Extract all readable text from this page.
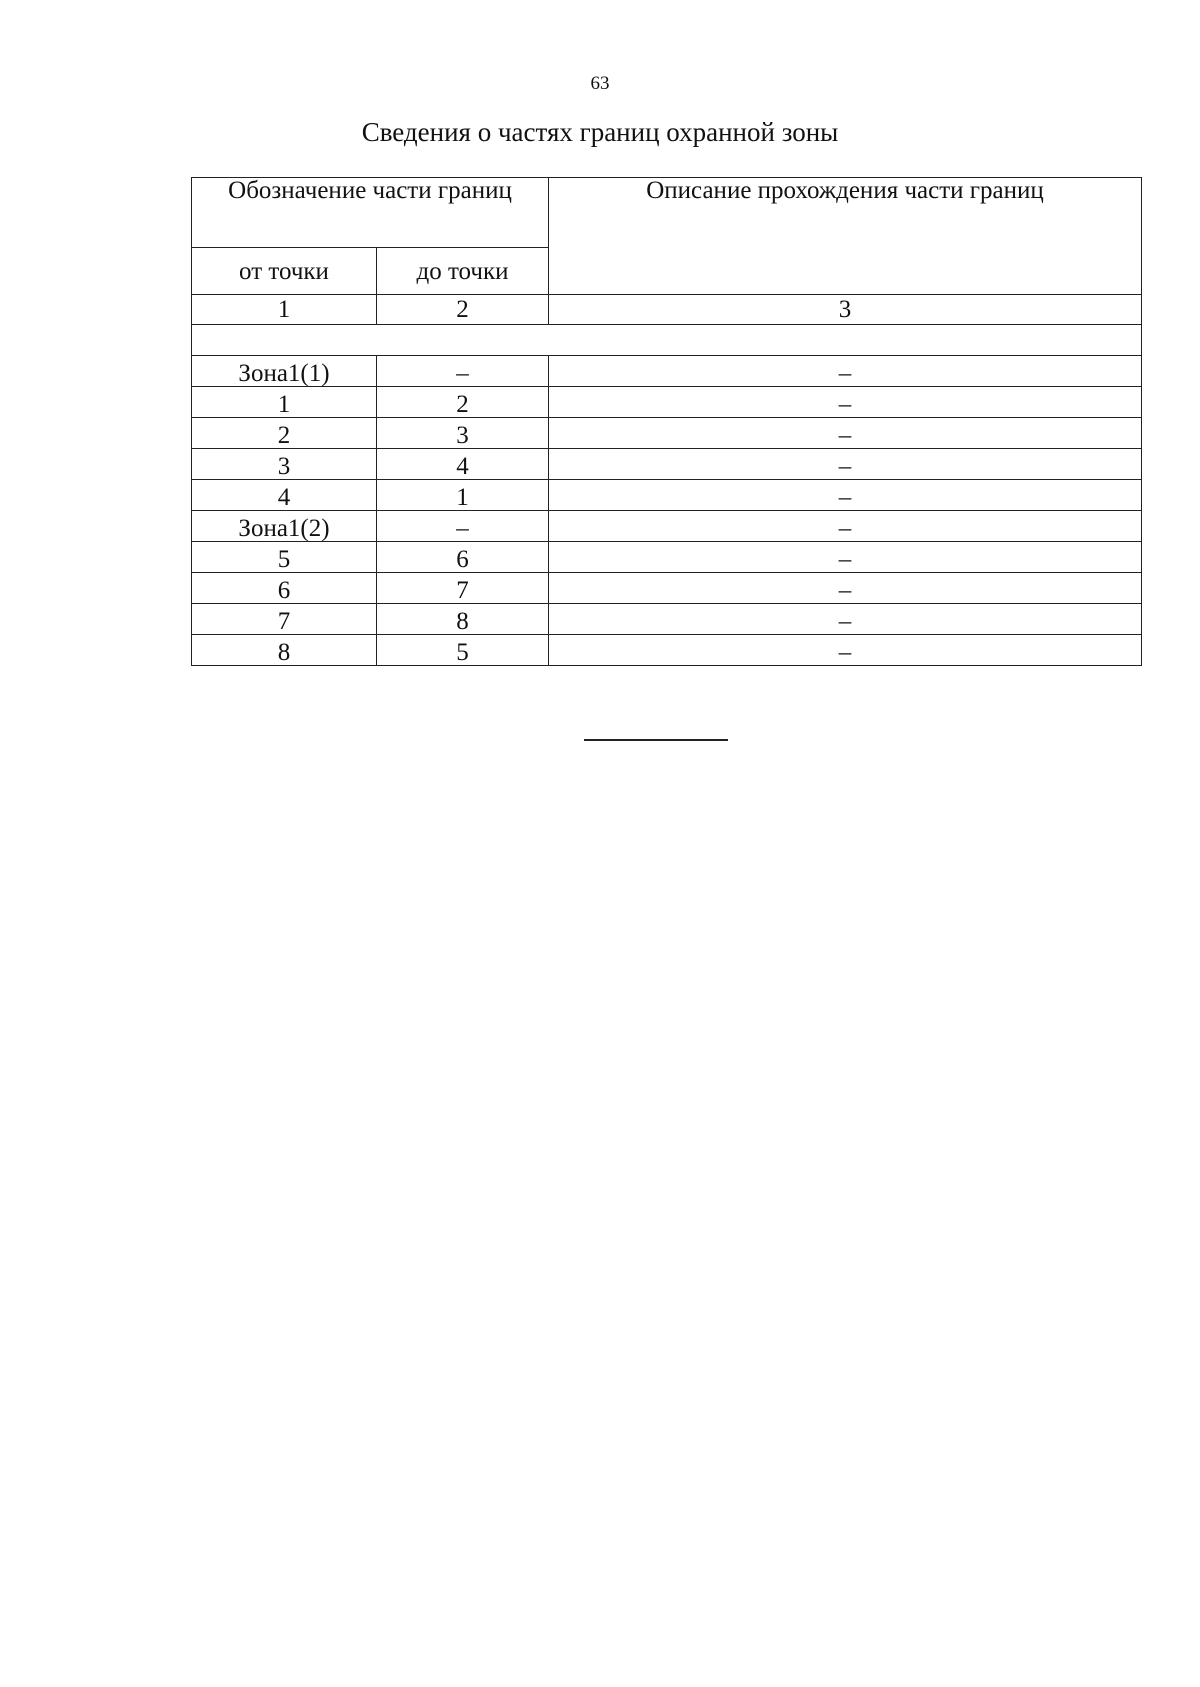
63
Сведения о частях границ охранной зоны
Обозначение части границ		Описание прохождения части границ
от точки	до точки	
1	2	3

Зона1(1)	–	–
1	2	–
2	3	–
3	4	–
4	1	–
Зона1(2)	–	–
5	6	–
6	7	–
7	8	–
8	5	–
